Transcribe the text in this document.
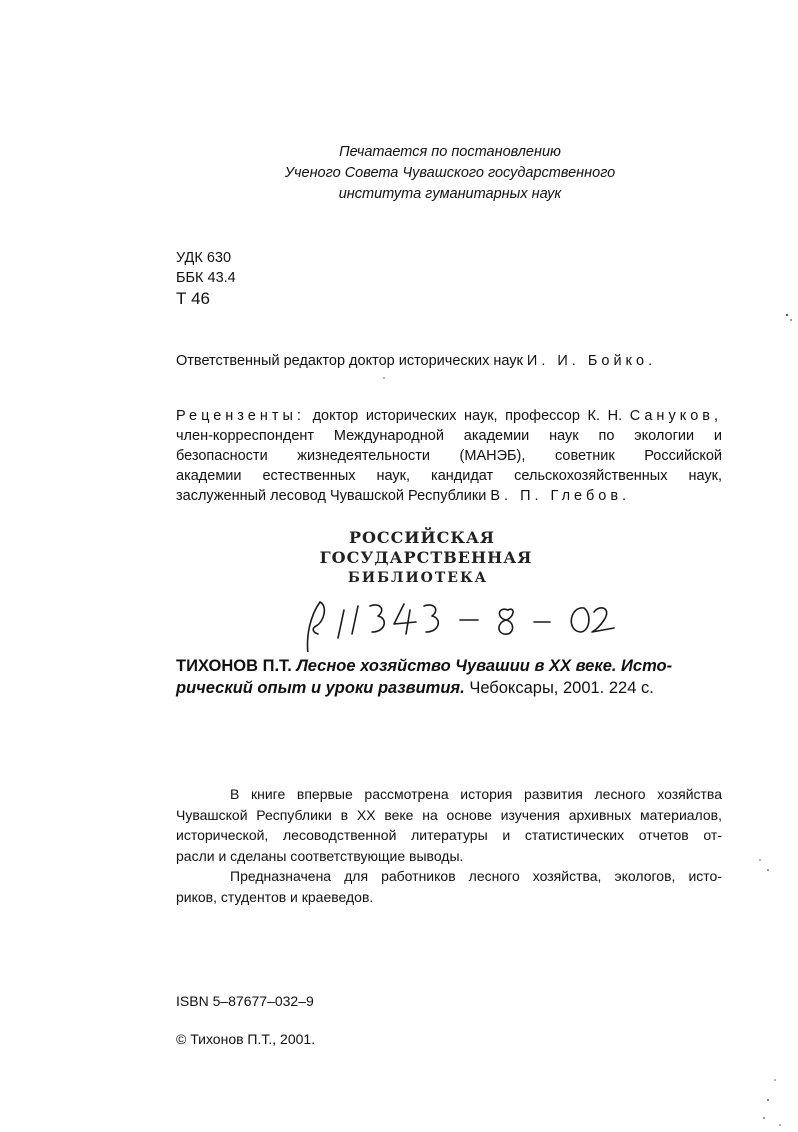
Печатается по постановлению
Ученого Совета Чувашского государственного
института гуманитарных наук
УДК 630
ББК 43.4
Т 46
Ответственный редактор доктор исторических наук И. И. Бойко.
Рецензенты: доктор исторических наук, профессор К. Н. Сануков,
член-корреспондент Международной академии наук по экологии и
безопасности жизнедеятельности (МАНЭБ), советник Российской
академии естественных наук, кандидат сельскохозяйственных наук,
заслуженный лесовод Чувашской Республики В. П. Глебов.
РОССИЙСКАЯ
ГОСУДАРСТВЕННАЯ
БИБЛИОТЕКА
ТИХОНОВ П.Т. Лесное хозяйство Чувашии в XX веке. Исто-
рический опыт и уроки развития. Чебоксары, 2001. 224 с.
В книге впервые рассмотрена история развития лесного хозяйства
Чувашской Республики в XX веке на основе изучения архивных материалов,
исторической, лесоводственной литературы и статистических отчетов от-
расли и сделаны соответствующие выводы.
Предназначена для работников лесного хозяйства, экологов, исто-
риков, студентов и краеведов.
ISBN 5–87677–032–9
© Тихонов П.Т., 2001.
